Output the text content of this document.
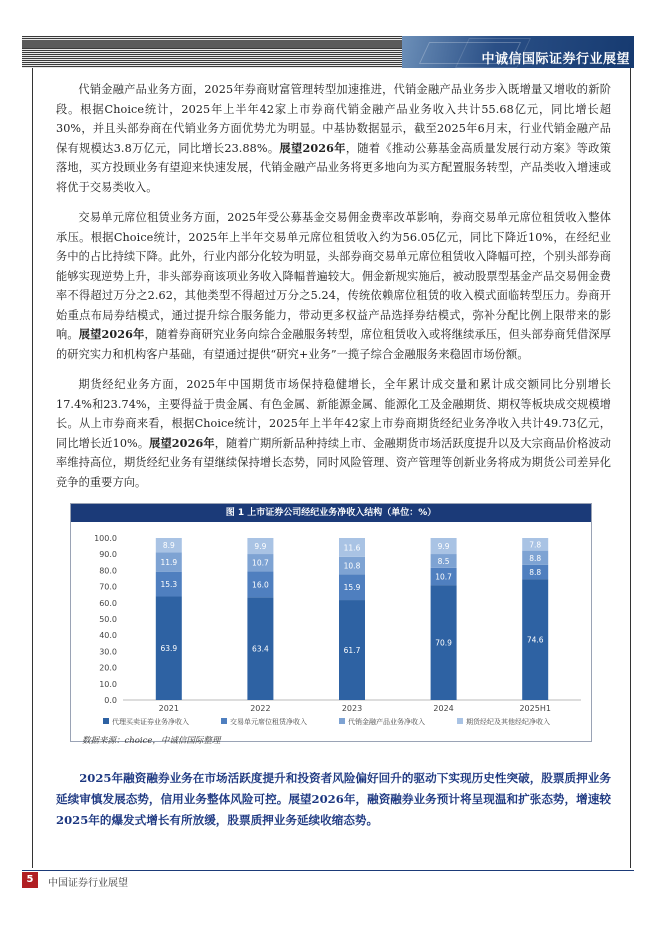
中诚信国际证券行业展望

代销金融产品业务方面，2025年券商财富管理转型加速推进，代销金融产品业务步入既增量又增收的新阶段。根据Choice统计，2025年上半年42家上市券商代销金融产品业务收入共计55.68亿元，同比增长超30%，并且头部券商在代销业务方面优势尤为明显。中基协数据显示，截至2025年6月末，行业代销金融产品保有规模达3.8万亿元，同比增长23.88%。展望2026年，随着《推动公募基金高质量发展行动方案》等政策落地，买方投顾业务有望迎来快速发展，代销金融产品业务将更多地向为买方配置服务转型，产品类收入增速或将优于交易类收入。

交易单元席位租赁业务方面，2025年受公募基金交易佣金费率改革影响，券商交易单元席位租赁收入整体承压。根据Choice统计，2025年上半年交易单元席位租赁收入约为56.05亿元，同比下降近10%，在经纪业务中的占比持续下降。此外，行业内部分化较为明显，头部券商交易单元席位租赁收入降幅可控，个别头部券商能够实现逆势上升，非头部券商该项业务收入降幅普遍较大。佣金新规实施后，被动股票型基金产品交易佣金费率不得超过万分之2.62，其他类型不得超过万分之5.24，传统依赖席位租赁的收入模式面临转型压力。券商开始重点布局券结模式，通过提升综合服务能力，带动更多权益产品选择券结模式，弥补分配比例上限带来的影响。展望2026年，随着券商研究业务向综合金融服务转型，席位租赁收入或将继续承压，但头部券商凭借深厚的研究实力和机构客户基础，有望通过提供“研究+业务”一揽子综合金融服务来稳固市场份额。

期货经纪业务方面，2025年中国期货市场保持稳健增长，全年累计成交量和累计成交额同比分别增长17.4%和23.74%，主要得益于贵金属、有色金属、新能源金属、能源化工及金融期货、期权等板块成交规模增长。从上市券商来看，根据Choice统计，2025年上半年42家上市券商期货经纪业务净收入共计49.73亿元，同比增长近10%。展望2026年，随着广期所新品种持续上市、金融期货市场活跃度提升以及大宗商品价格波动率维持高位，期货经纪业务有望继续保持增长态势，同时风险管理、资产管理等创新业务将成为期货公司差异化竞争的重要方向。

图 1 上市证券公司经纪业务净收入结构（单位：%）
0.0
10.0
20.0
30.0
40.0
50.0
60.0
70.0
80.0
90.0
100.0
63.9
15.3
11.9
8.9
2021
63.4
16.0
10.7
9.9
2022
61.7
15.9
10.8
11.6
2023
70.9
10.7
8.5
9.9
2024
74.6
8.8
8.8
7.8
2025H1
代理买卖证券业务净收入	交易单元席位租赁净收入	代销金融产品业务净收入	期货经纪及其他经纪净收入
数据来源：choice，中诚信国际整理

2025年融资融券业务在市场活跃度提升和投资者风险偏好回升的驱动下实现历史性突破，股票质押业务延续审慎发展态势，信用业务整体风险可控。展望2026年，融资融券业务预计将呈现温和扩张态势，增速较2025年的爆发式增长有所放缓，股票质押业务延续收缩态势。

5	中国证券行业展望
